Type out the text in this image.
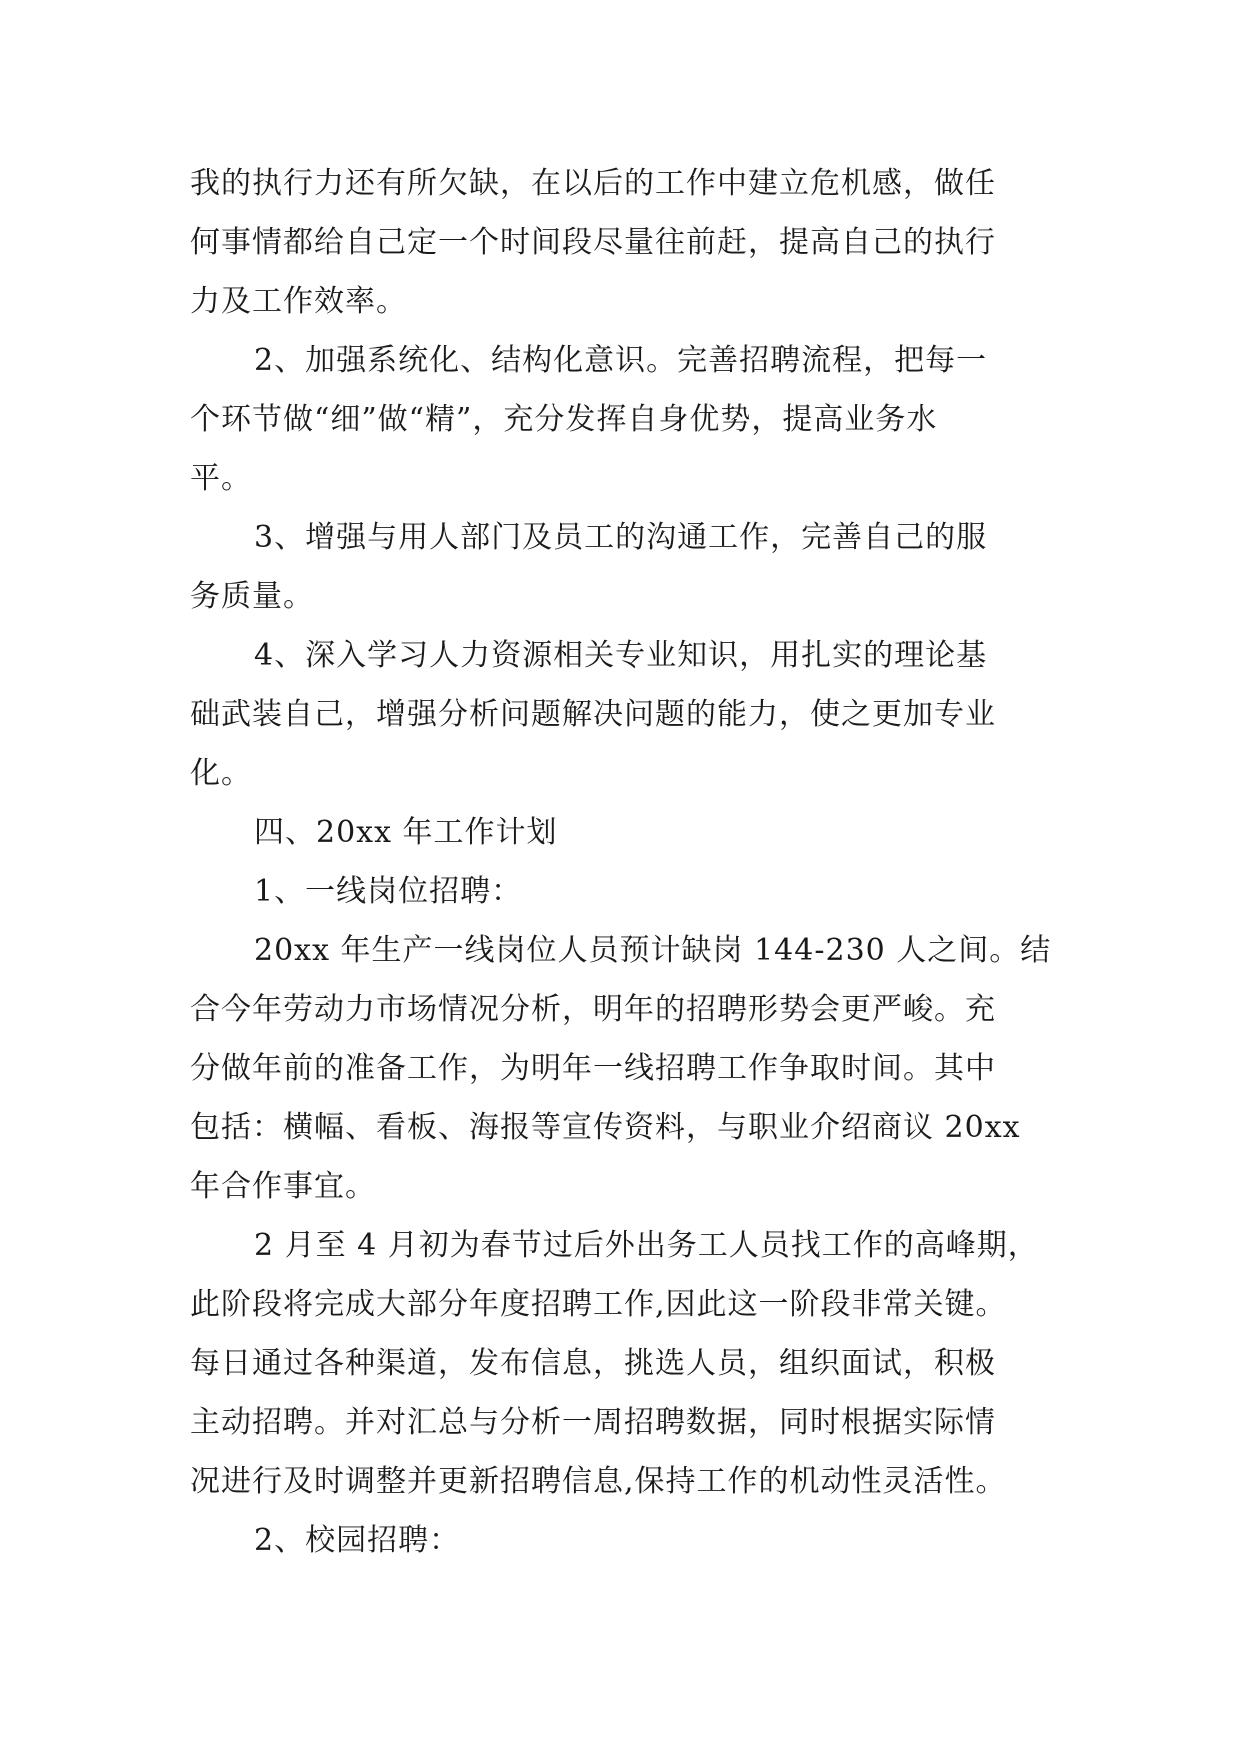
我的执行力还有所欠缺，在以后的工作中建立危机感，做任
何事情都给自己定一个时间段尽量往前赶，提高自己的执行
力及工作效率。
2、加强系统化、结构化意识。完善招聘流程，把每一
个环节做“细”做“精”，充分发挥自身优势，提高业务水
平。
3、增强与用人部门及员工的沟通工作，完善自己的服
务质量。
4、深入学习人力资源相关专业知识，用扎实的理论基
础武装自己，增强分析问题解决问题的能力，使之更加专业
化。
四、20xx 年工作计划
1、一线岗位招聘：
20xx 年生产一线岗位人员预计缺岗 144-230 人之间。结
合今年劳动力市场情况分析，明年的招聘形势会更严峻。充
分做年前的准备工作，为明年一线招聘工作争取时间。其中
包括：横幅、看板、海报等宣传资料，与职业介绍商议 20xx
年合作事宜。
2 月至 4 月初为春节过后外出务工人员找工作的高峰期，
此阶段将完成大部分年度招聘工作,因此这一阶段非常关键。
每日通过各种渠道，发布信息，挑选人员，组织面试，积极
主动招聘。并对汇总与分析一周招聘数据，同时根据实际情
况进行及时调整并更新招聘信息,保持工作的机动性灵活性。
2、校园招聘：
